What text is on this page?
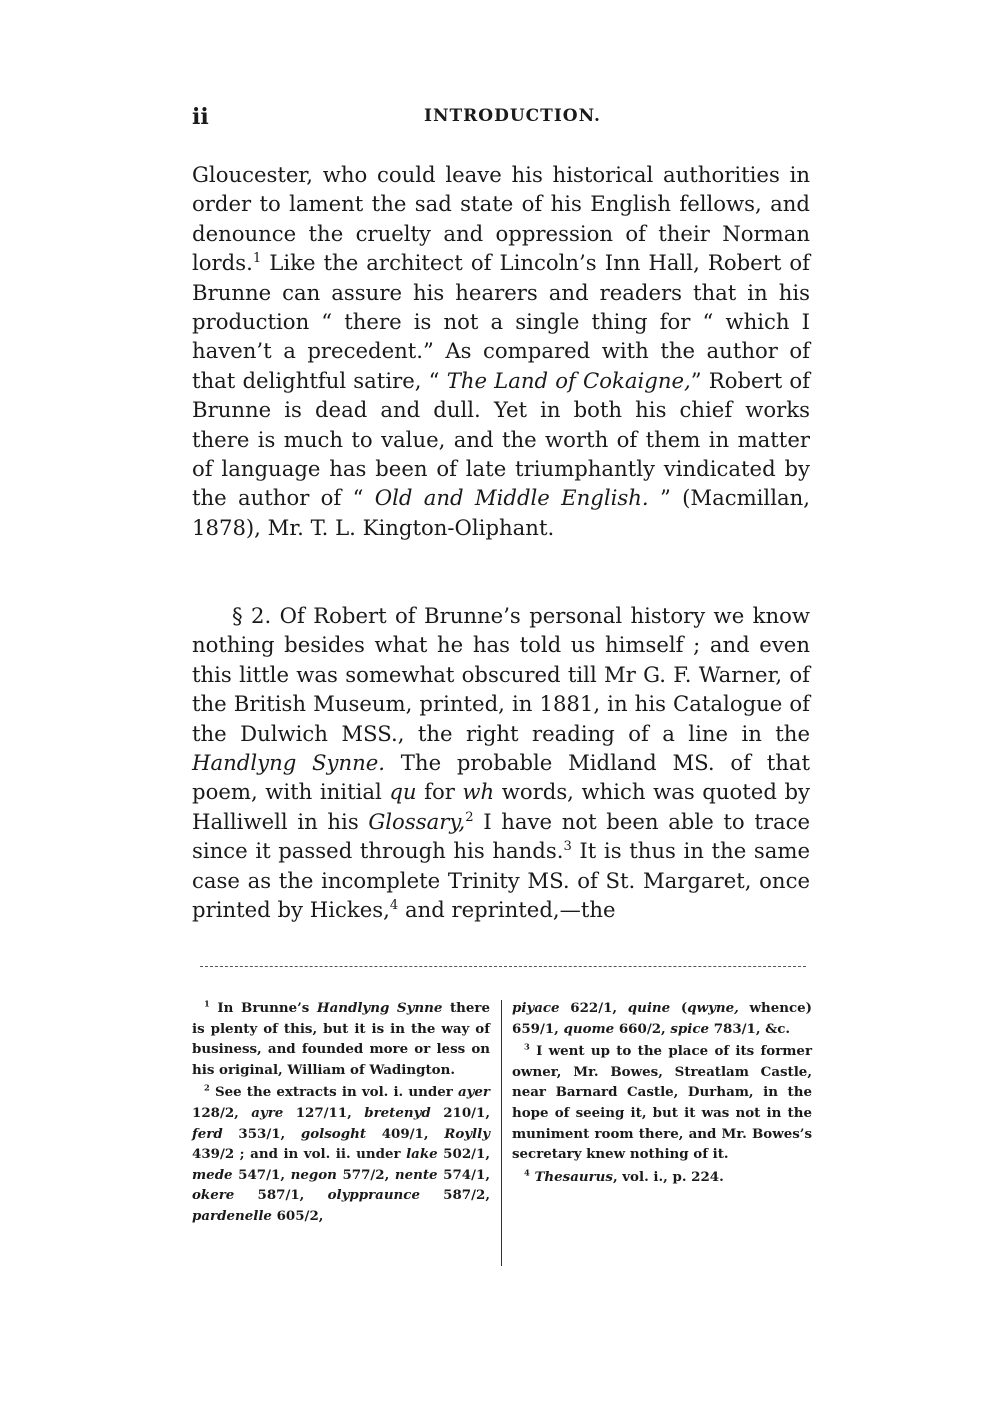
ii	INTRODUCTION.

Gloucester, who could leave his historical authorities in order to lament the sad state of his English fellows, and denounce the cruelty and oppression of their Norman lords.$^1$ Like the architect of Lincoln’s Inn Hall, Robert of Brunne can assure his hearers and readers that in his production “ there is not a single thing for “ which I haven’t a precedent.” As compared with the author of that delightful satire, “ The Land of Cokaigne,” Robert of Brunne is dead and dull. Yet in both his chief works there is much to value, and the worth of them in matter of language has been of late triumphantly vindicated by the author of “ Old and Middle English. ” (Macmillan, 1878), Mr. T. L. Kington-Oliphant.

§ 2. Of Robert of Brunne’s personal history we know nothing besides what he has told us himself ; and even this little was somewhat obscured till Mr G. F. Warner, of the British Museum, printed, in 1881, in his Catalogue of the Dulwich MSS., the right reading of a line in the Handlyng Synne. The probable Midland MS. of that poem, with initial qu for wh words, which was quoted by Halliwell in his Glossary,$^2$ I have not been able to trace since it passed through his hands.$^3$ It is thus in the same case as the incomplete Trinity MS. of St. Margaret, once printed by Hickes,$^4$ and reprinted,—the

$^1$ In Brunne’s Handlyng Synne there is plenty of this, but it is in the way of business, and founded more or less on his original, William of Wadington.

$^2$ See the extracts in vol. i. under ayer 128/2, ayre 127/11, bretenyd 210/1, ferd 353/1, golsoght 409/1, Roylly 439/2 ; and in vol. ii. under lake 502/1, mede 547/1, negon 577/2, nente 574/1, okere 587/1, olyppraunce 587/2, pardenelle 605/2,

piyace 622/1, quine (qwyne, whence) 659/1, quome 660/2, spice 783/1, &c.

$^3$ I went up to the place of its former owner, Mr. Bowes, Streatlam Castle, near Barnard Castle, Durham, in the hope of seeing it, but it was not in the muniment room there, and Mr. Bowes’s secretary knew nothing of it.

$^4$ Thesaurus, vol. i., p. 224.
